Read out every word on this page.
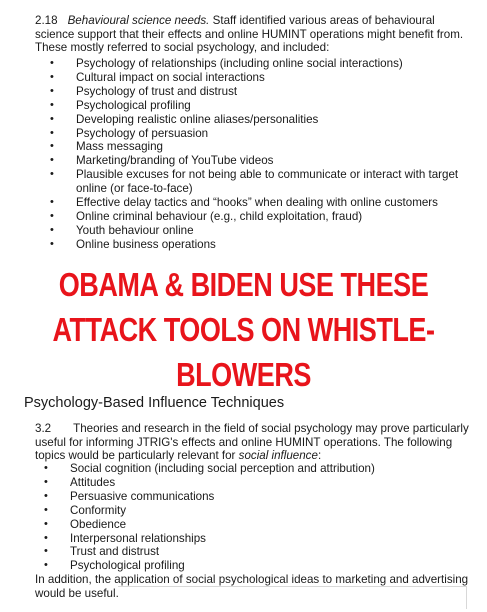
2.18 Behavioural science needs. Staff identified various areas of behavioural
science support that their effects and online HUMINT operations might benefit from.
These mostly referred to social psychology, and included:
• Psychology of relationships (including online social interactions)
• Cultural impact on social interactions
• Psychology of trust and distrust
• Psychological profiling
• Developing realistic online aliases/personalities
• Psychology of persuasion
• Mass messaging
• Marketing/branding of YouTube videos
• Plausible excuses for not being able to communicate or interact with target
online (or face-to-face)
• Effective delay tactics and “hooks” when dealing with online customers
• Online criminal behaviour (e.g., child exploitation, fraud)
• Youth behaviour online
• Online business operations
OBAMA & BIDEN USE THESE
ATTACK TOOLS ON WHISTLE-
BLOWERS
Psychology-Based Influence Techniques
3.2 Theories and research in the field of social psychology may prove particularly
useful for informing JTRIG's effects and online HUMINT operations. The following
topics would be particularly relevant for social influence:
• Social cognition (including social perception and attribution)
• Attitudes
• Persuasive communications
• Conformity
• Obedience
• Interpersonal relationships
• Trust and distrust
• Psychological profiling
In addition, the application of social psychological ideas to marketing and advertising
would be useful.
